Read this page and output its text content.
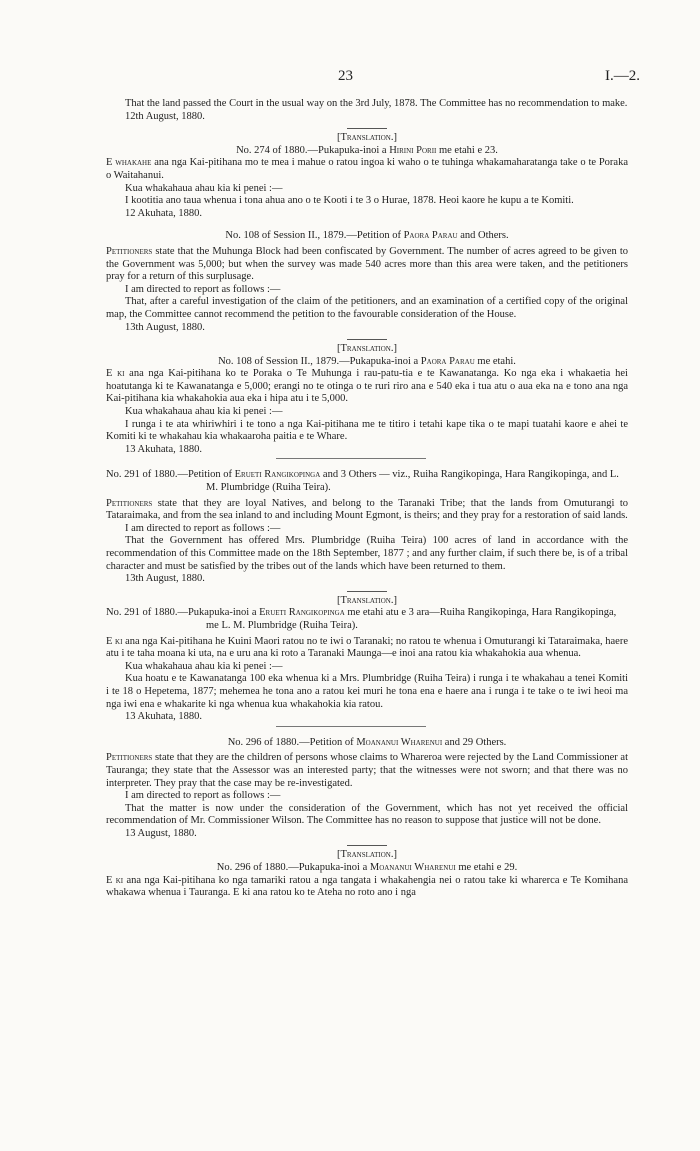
23	I.—2.

That the land passed the Court in the usual way on the 3rd July, 1878. The Committee has no recommendation to make.

12th August, 1880.

[Translation.]

No. 274 of 1880.—Pukapuka-inoi a Hirini Porii me etahi e 23.

E whakahe ana nga Kai-pitihana mo te mea i mahue o ratou ingoa ki waho o te tuhinga whakamaharatanga take o te Poraka o Waitahanui.

Kua whakahaua ahau kia ki penei :—

I kootitia ano taua whenua i tona ahua ano o te Kooti i te 3 o Hurae, 1878. Heoi kaore he kupu a te Komiti.

12 Akuhata, 1880.

No. 108 of Session II., 1879.—Petition of Paora Parau and Others.

Petitioners state that the Muhunga Block had been confiscated by Government. The number of acres agreed to be given to the Government was 5,000; but when the survey was made 540 acres more than this area were taken, and the petitioners pray for a return of this surplusage.

I am directed to report as follows :—

That, after a careful investigation of the claim of the petitioners, and an examination of a certified copy of the original map, the Committee cannot recommend the petition to the favourable consideration of the House.

13th August, 1880.

[Translation.]

No. 108 of Session II., 1879.—Pukapuka-inoi a Paora Parau me etahi.

E ki ana nga Kai-pitihana ko te Poraka o Te Muhunga i rau-patu-tia e te Kawanatanga. Ko nga eka i whakaetia hei hoatutanga ki te Kawanatanga e 5,000; erangi no te otinga o te ruri riro ana e 540 eka i tua atu o aua eka na e tono ana nga Kai-pitihana kia whakahokia aua eka i hipa atu i te 5,000.

Kua whakahaua ahau kia ki penei :—

I runga i te ata whiriwhiri i te tono a nga Kai-pitihana me te titiro i tetahi kape tika o te mapi tuatahi kaore e ahei te Komiti ki te whakahau kia whakaaroha paitia e te Whare.

13 Akuhata, 1880.

No. 291 of 1880.—Petition of Erueti Rangikopinga and 3 Others — viz., Ruiha Rangikopinga, Hara Rangikopinga, and L. M. Plumbridge (Ruiha Teira).

Petitioners state that they are loyal Natives, and belong to the Taranaki Tribe; that the lands from Omuturangi to Tataraimaka, and from the sea inland to and including Mount Egmont, is theirs; and they pray for a restoration of said lands.

I am directed to report as follows :—

That the Government has offered Mrs. Plumbridge (Ruiha Teira) 100 acres of land in accordance with the recommendation of this Committee made on the 18th September, 1877 ; and any further claim, if such there be, is of a tribal character and must be satisfied by the tribes out of the lands which have been returned to them.

13th August, 1880.

[Translation.]

No. 291 of 1880.—Pukapuka-inoi a Erueti Rangikopinga me etahi atu e 3 ara—Ruiha Rangikopinga, Hara Rangikopinga, me L. M. Plumbridge (Ruiha Teira).

E ki ana nga Kai-pitihana he Kuini Maori ratou no te iwi o Taranaki; no ratou te whenua i Omuturangi ki Tataraimaka, haere atu i te taha moana ki uta, na e uru ana ki roto a Taranaki Maunga—e inoi ana ratou kia whakahokia aua whenua.

Kua whakahaua ahau kia ki penei :—

Kua hoatu e te Kawanatanga 100 eka whenua ki a Mrs. Plumbridge (Ruiha Teira) i runga i te whakahau a tenei Komiti i te 18 o Hepetema, 1877; mehemea he tona ano a ratou kei muri he tona ena e haere ana i runga i te take o te iwi heoi ma nga iwi ena e whakarite ki nga whenua kua whakahokia kia ratou.

13 Akuhata, 1880.

No. 296 of 1880.—Petition of Moananui Wharenui and 29 Others.

Petitioners state that they are the children of persons whose claims to Whareroa were rejected by the Land Commissioner at Tauranga; they state that the Assessor was an interested party; that the witnesses were not sworn; and that there was no interpreter. They pray that the case may be re-investigated.

I am directed to report as follows :—

That the matter is now under the consideration of the Government, which has not yet received the official recommendation of Mr. Commissioner Wilson. The Committee has no reason to suppose that justice will not be done.

13 August, 1880.

[Translation.]

No. 296 of 1880.—Pukapuka-inoi a Moananui Wharenui me etahi e 29.

E ki ana nga Kai-pitihana ko nga tamariki ratou a nga tangata i whakahengia nei o ratou take ki wharerca e Te Komihana whakawa whenua i Tauranga. E ki ana ratou ko te Ateha no roto ano i nga
